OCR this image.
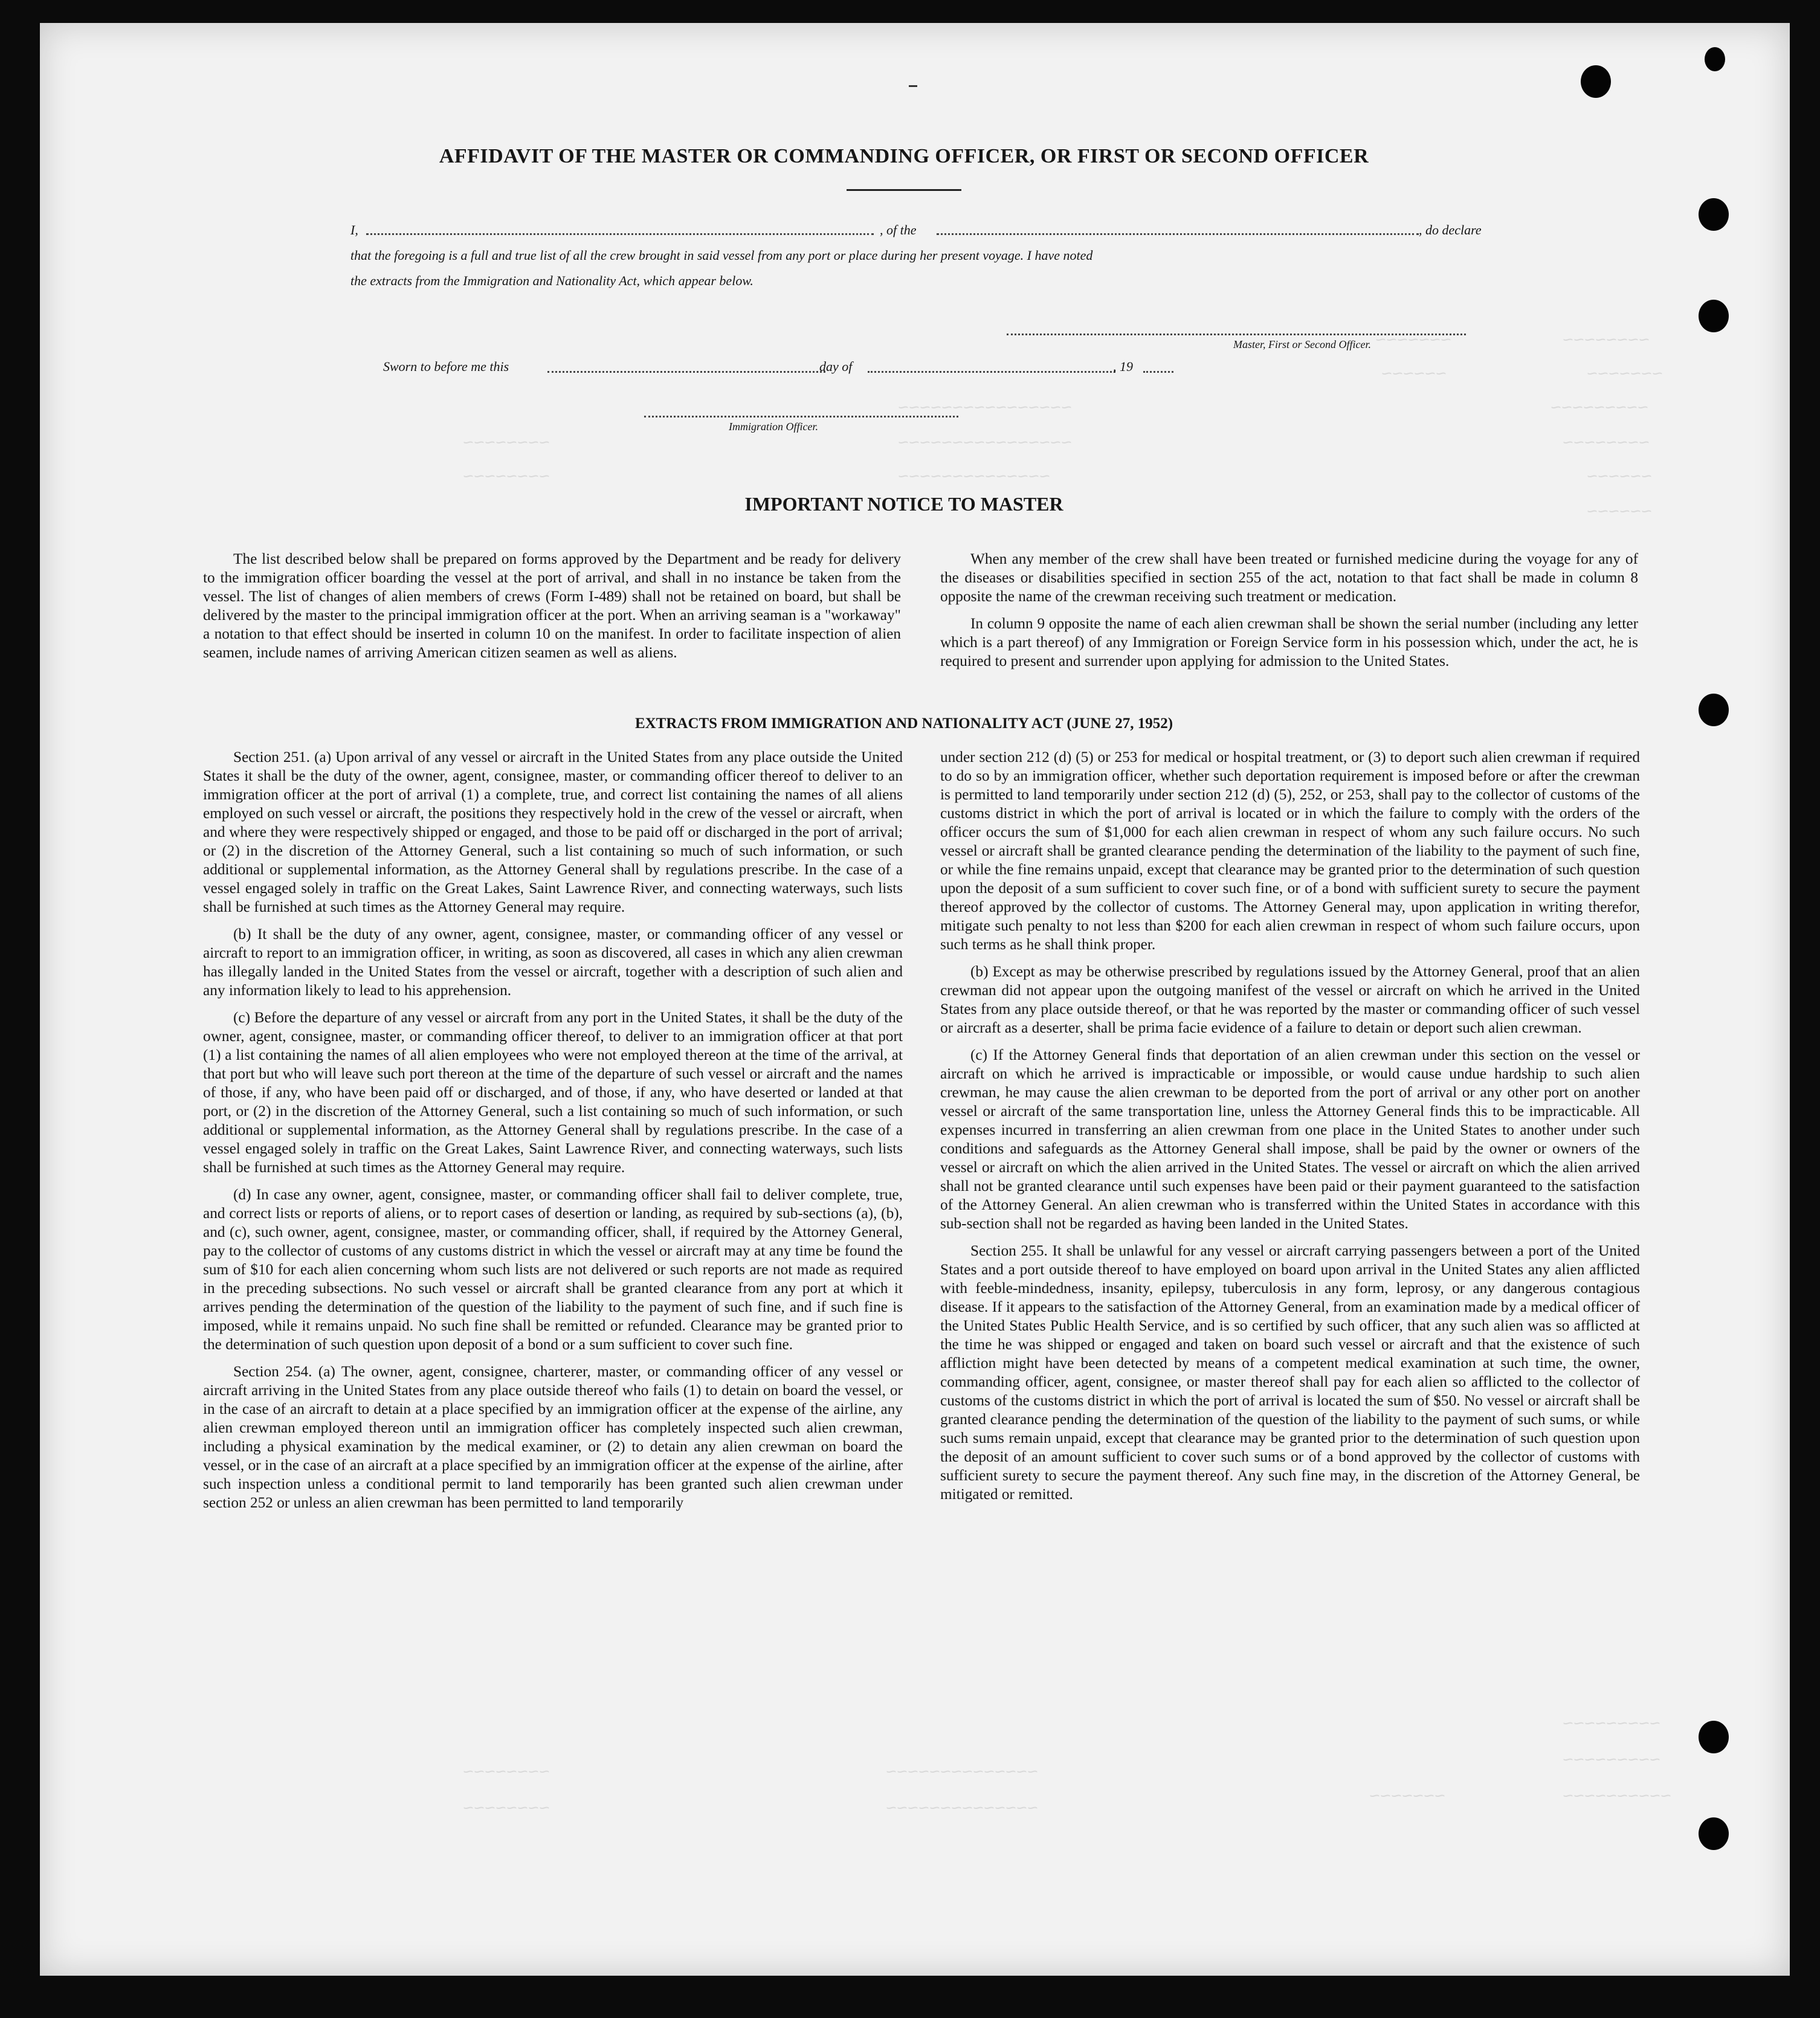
~~~~~~~~
~~~~~~~
~~~~~~~~~
~~~~~~~~
~~~~~~
~~~~~~
~~~~~~~
~~~~~~
~~~~~~~~~~~~~~~~
~~~~~~~~~~~~~~~~
~~~~~~~~~~~~~~
~~~~~~~~
~~~~~~~~
~~~~~~~~~
~~~~~~~~~
~~~~~~~~~~
~~~~~~~
~~~~~~~~~~~~~~
~~~~~~~~~~~~~~
~~~~~~~~
~~~~~~~~
AFFIDAVIT OF THE MASTER OR COMMANDING OFFICER, OR FIRST OR SECOND OFFICER
I,	, of the	, do declare
that the foregoing is a full and true list of all the crew brought in said vessel from any port or place during her present voyage. I have noted
the extracts from the Immigration and Nationality Act, which appear below.
Master, First or Second Officer.
Sworn to before me this	day of	, 19
Immigration Officer.
IMPORTANT NOTICE TO MASTER

The list described below shall be prepared on forms approved by the Department and be ready for delivery to the immigration officer boarding the vessel at the port of arrival, and shall in no instance be taken from the vessel. The list of changes of alien members of crews (Form I-489) shall not be retained on board, but shall be delivered by the master to the principal immigration officer at the port. When an arriving seaman is a "workaway" a notation to that effect should be inserted in column 10 on the manifest. In order to facilitate inspection of alien seamen, include names of arriving American citizen seamen as well as aliens.

When any member of the crew shall have been treated or furnished medicine during the voyage for any of the diseases or disabilities specified in section 255 of the act, notation to that fact shall be made in column 8 opposite the name of the crewman receiving such treatment or medication.

In column 9 opposite the name of each alien crewman shall be shown the serial number (including any letter which is a part thereof) of any Immigration or Foreign Service form in his possession which, under the act, he is required to present and surrender upon applying for admission to the United States.

EXTRACTS FROM IMMIGRATION AND NATIONALITY ACT (JUNE 27, 1952)

Section 251. (a) Upon arrival of any vessel or aircraft in the United States from any place outside the United States it shall be the duty of the owner, agent, consignee, master, or commanding officer thereof to deliver to an immigration officer at the port of arrival (1) a complete, true, and correct list containing the names of all aliens employed on such vessel or aircraft, the positions they respectively hold in the crew of the vessel or aircraft, when and where they were respectively shipped or engaged, and those to be paid off or discharged in the port of arrival; or (2) in the discretion of the Attorney General, such a list containing so much of such information, or such additional or supplemental information, as the Attorney General shall by regulations prescribe. In the case of a vessel engaged solely in traffic on the Great Lakes, Saint Lawrence River, and connecting waterways, such lists shall be furnished at such times as the Attorney General may require.

(b) It shall be the duty of any owner, agent, consignee, master, or commanding officer of any vessel or aircraft to report to an immigration officer, in writing, as soon as discovered, all cases in which any alien crewman has illegally landed in the United States from the vessel or aircraft, together with a description of such alien and any information likely to lead to his apprehension.

(c) Before the departure of any vessel or aircraft from any port in the United States, it shall be the duty of the owner, agent, consignee, master, or commanding officer thereof, to deliver to an immigration officer at that port (1) a list containing the names of all alien employees who were not employed thereon at the time of the arrival, at that port but who will leave such port thereon at the time of the departure of such vessel or aircraft and the names of those, if any, who have been paid off or discharged, and of those, if any, who have deserted or landed at that port, or (2) in the discretion of the Attorney General, such a list containing so much of such information, or such additional or supplemental information, as the Attorney General shall by regulations prescribe. In the case of a vessel engaged solely in traffic on the Great Lakes, Saint Lawrence River, and connecting waterways, such lists shall be furnished at such times as the Attorney General may require.

(d) In case any owner, agent, consignee, master, or commanding officer shall fail to deliver complete, true, and correct lists or reports of aliens, or to report cases of desertion or landing, as required by sub-sections (a), (b), and (c), such owner, agent, consignee, master, or commanding officer, shall, if required by the Attorney General, pay to the collector of customs of any customs district in which the vessel or aircraft may at any time be found the sum of $10 for each alien concerning whom such lists are not delivered or such reports are not made as required in the preceding subsections. No such vessel or aircraft shall be granted clearance from any port at which it arrives pending the determination of the question of the liability to the payment of such fine, and if such fine is imposed, while it remains unpaid. No such fine shall be remitted or refunded. Clearance may be granted prior to the determination of such question upon deposit of a bond or a sum sufficient to cover such fine.

Section 254. (a) The owner, agent, consignee, charterer, master, or commanding officer of any vessel or aircraft arriving in the United States from any place outside thereof who fails (1) to detain on board the vessel, or in the case of an aircraft to detain at a place specified by an immigration officer at the expense of the airline, any alien crewman employed thereon until an immigration officer has completely inspected such alien crewman, including a physical examination by the medical examiner, or (2) to detain any alien crewman on board the vessel, or in the case of an aircraft at a place specified by an immigration officer at the expense of the airline, after such inspection unless a conditional permit to land temporarily has been granted such alien crewman under section 252 or unless an alien crewman has been permitted to land temporarily

under section 212 (d) (5) or 253 for medical or hospital treatment, or (3) to deport such alien crewman if required to do so by an immigration officer, whether such deportation requirement is imposed before or after the crewman is permitted to land temporarily under section 212 (d) (5), 252, or 253, shall pay to the collector of customs of the customs district in which the port of arrival is located or in which the failure to comply with the orders of the officer occurs the sum of $1,000 for each alien crewman in respect of whom any such failure occurs. No such vessel or aircraft shall be granted clearance pending the determination of the liability to the payment of such fine, or while the fine remains unpaid, except that clearance may be granted prior to the determination of such question upon the deposit of a sum sufficient to cover such fine, or of a bond with sufficient surety to secure the payment thereof approved by the collector of customs. The Attorney General may, upon application in writing therefor, mitigate such penalty to not less than $200 for each alien crewman in respect of whom such failure occurs, upon such terms as he shall think proper.

(b) Except as may be otherwise prescribed by regulations issued by the Attorney General, proof that an alien crewman did not appear upon the outgoing manifest of the vessel or aircraft on which he arrived in the United States from any place outside thereof, or that he was reported by the master or commanding officer of such vessel or aircraft as a deserter, shall be prima facie evidence of a failure to detain or deport such alien crewman.

(c) If the Attorney General finds that deportation of an alien crewman under this section on the vessel or aircraft on which he arrived is impracticable or impossible, or would cause undue hardship to such alien crewman, he may cause the alien crewman to be deported from the port of arrival or any other port on another vessel or aircraft of the same transportation line, unless the Attorney General finds this to be impracticable. All expenses incurred in transferring an alien crewman from one place in the United States to another under such conditions and safeguards as the Attorney General shall impose, shall be paid by the owner or owners of the vessel or aircraft on which the alien arrived in the United States. The vessel or aircraft on which the alien arrived shall not be granted clearance until such expenses have been paid or their payment guaranteed to the satisfaction of the Attorney General. An alien crewman who is transferred within the United States in accordance with this sub-section shall not be regarded as having been landed in the United States.

Section 255. It shall be unlawful for any vessel or aircraft carrying passengers between a port of the United States and a port outside thereof to have employed on board upon arrival in the United States any alien afflicted with feeble-mindedness, insanity, epilepsy, tuberculosis in any form, leprosy, or any dangerous contagious disease. If it appears to the satisfaction of the Attorney General, from an examination made by a medical officer of the United States Public Health Service, and is so certified by such officer, that any such alien was so afflicted at the time he was shipped or engaged and taken on board such vessel or aircraft and that the existence of such affliction might have been detected by means of a competent medical examination at such time, the owner, commanding officer, agent, consignee, or master thereof shall pay for each alien so afflicted to the collector of customs of the customs district in which the port of arrival is located the sum of $50. No vessel or aircraft shall be granted clearance pending the determination of the question of the liability to the payment of such sums, or while such sums remain unpaid, except that clearance may be granted prior to the determination of such question upon the deposit of an amount sufficient to cover such sums or of a bond approved by the collector of customs with sufficient surety to secure the payment thereof. Any such fine may, in the discretion of the Attorney General, be mitigated or remitted.
